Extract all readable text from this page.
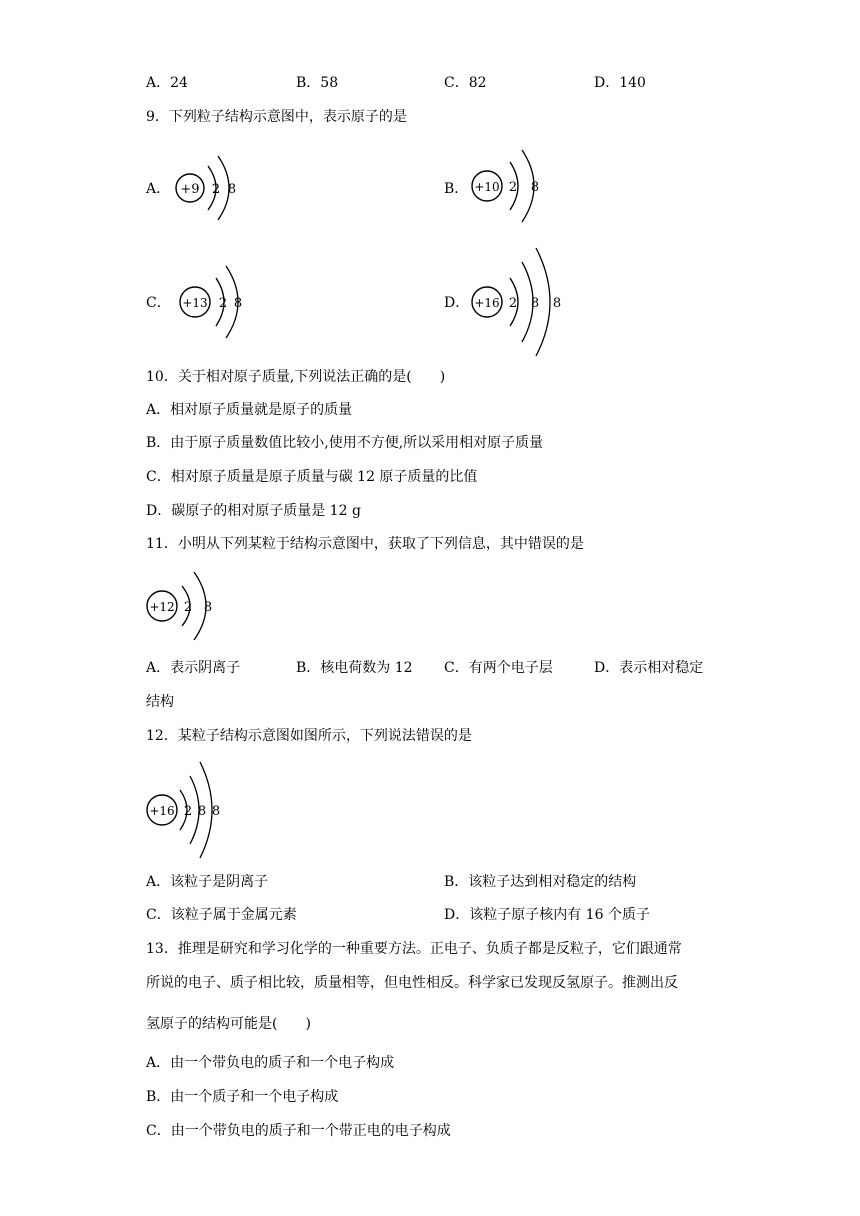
A．24	B．58	C．82	D．140
9．下列粒子结构示意图中，表示原子的是
A． +9 2 8	B． +10 2 8
C． +13 2 8	D． +16 2 8 8
10．关于相对原子质量,下列说法正确的是(　　)
A．相对原子质量就是原子的质量
B．由于原子质量数值比较小,使用不方便,所以采用相对原子质量
C．相对原子质量是原子质量与碳 12 原子质量的比值
D．碳原子的相对原子质量是 12 g
11．小明从下列某粒于结构示意图中，获取了下列信息，其中错误的是
+12 2 8
A．表示阴离子	B．核电荷数为 12 C．有两个电子层	D．表示相对稳定
结构
12．某粒子结构示意图如图所示，下列说法错误的是
+16 2 8 8
A．该粒子是阴离子	B．该粒子达到相对稳定的结构
C．该粒子属于金属元素	D．该粒子原子核内有 16 个质子
13．推理是研究和学习化学的一种重要方法。正电子、负质子都是反粒子，它们跟通常
所说的电子、质子相比较，质量相等，但电性相反。科学家已发现反氢原子。推测出反
氢原子的结构可能是(　　)
A．由一个带负电的质子和一个电子构成
B．由一个质子和一个电子构成
C．由一个带负电的质子和一个带正电的电子构成
